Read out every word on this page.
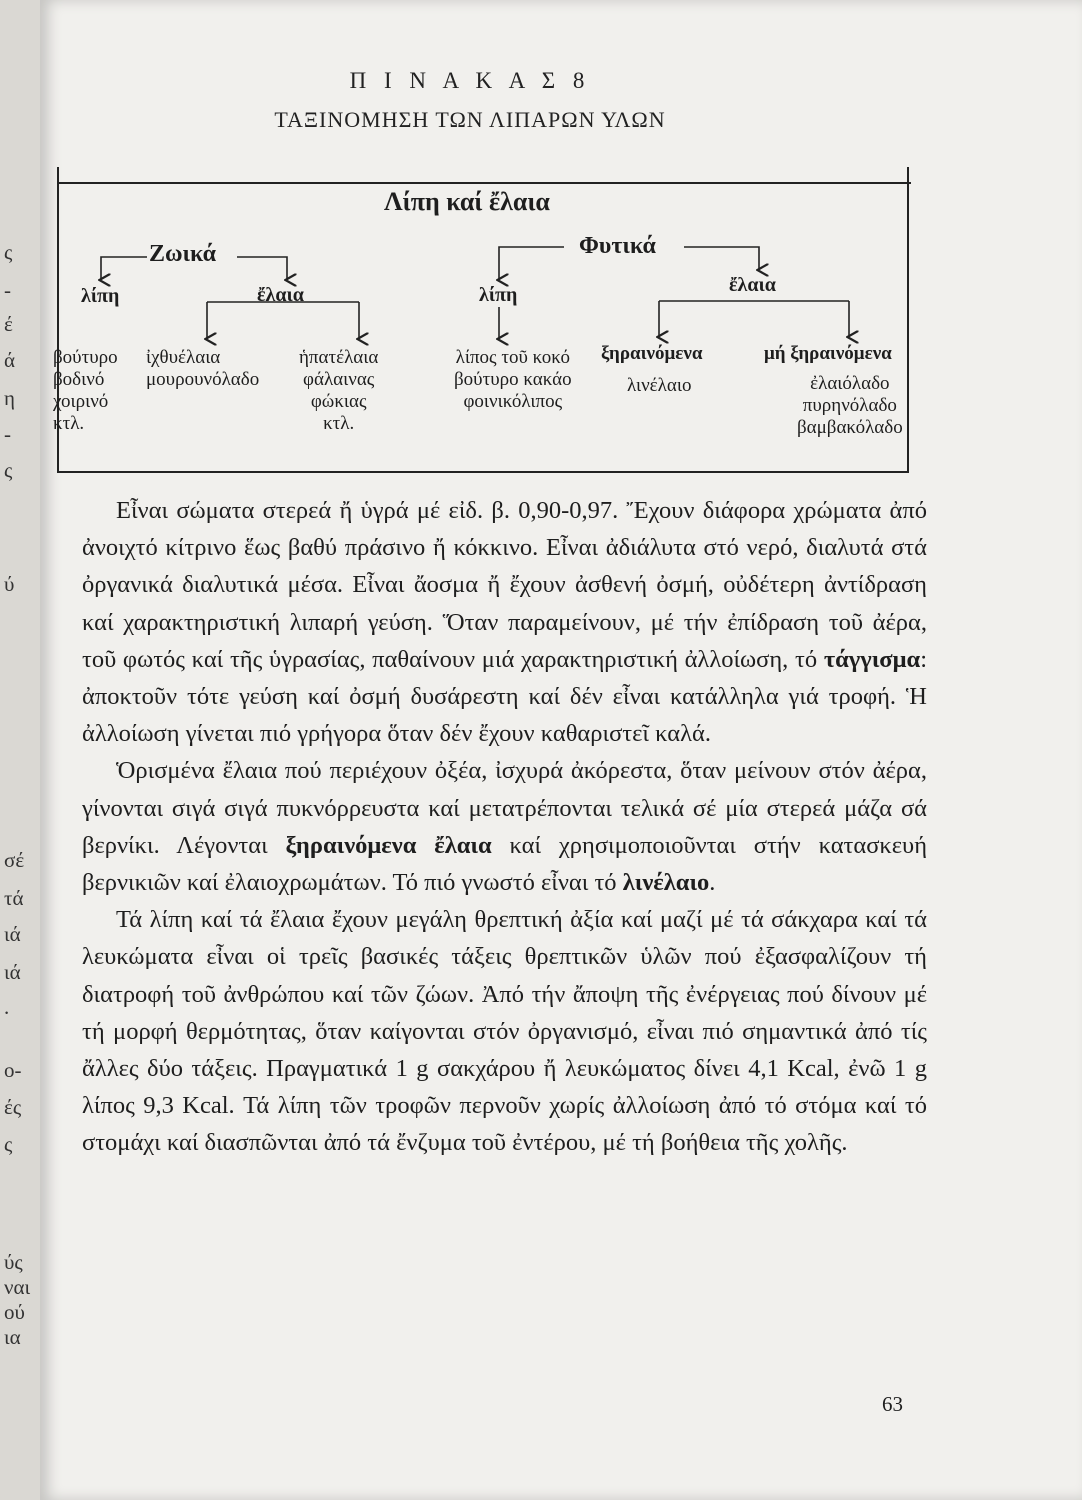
ς
-
έ
ά
η
-
ς
ύ
σέ
τά
ιά
ιά
.
ο-
ές
ς
ύς
ναι
ού
ια
Π Ι Ν Α Κ Α Σ 8
ΤΑΞΙΝΟΜΗΣΗ ΤΩΝ ΛΙΠΑΡΩΝ ΥΛΩΝ
Λίπη καί ἔλαια
Ζωικά
λίπη	ἔλαια
Φυτικά
λίπη	ἔλαια
βούτυρο
βοδινό
χοιρινό
κτλ.
ἰχθυέλαια
μουρουνόλαδο
ἡπατέλαια
φάλαινας
φώκιας
κτλ.
λίπος τοῦ κοκό
βούτυρο κακάο
φοινικόλιπος
ξηραινόμενα
λινέλαιο
μή ξηραινόμενα
ἐλαιόλαδο
πυρηνόλαδο
βαμβακόλαδο

Εἶναι σώματα στερεά ἤ ὑγρά μέ εἰδ. β. 0,90-0,97. Ἔχουν διάφορα χρώματα ἀπό ἀνοιχτό κίτρινο ἕως βαθύ πράσινο ἤ κόκκινο. Εἶναι ἀδιάλυτα στό νερό, διαλυτά στά ὀργανικά διαλυτικά μέσα. Εἶναι ἄοσμα ἤ ἔχουν ἀσθενή ὀσμή, οὐδέτερη ἀντίδραση καί χαρακτηριστική λιπαρή γεύση. Ὅταν παραμείνουν, μέ τήν ἐπίδραση τοῦ ἀέρα, τοῦ φωτός καί τῆς ὑγρασίας, παθαίνουν μιά χαρακτηριστική ἀλλοίωση, τό τάγγισμα: ἀποκτοῦν τότε γεύση καί ὀσμή δυσάρεστη καί δέν εἶναι κατάλληλα γιά τροφή. Ἡ ἀλλοίωση γίνεται πιό γρήγορα ὅταν δέν ἔχουν καθαριστεῖ καλά.

Ὁρισμένα ἔλαια πού περιέχουν ὀξέα, ἰσχυρά ἀκόρεστα, ὅταν μείνουν στόν ἀέρα, γίνονται σιγά σιγά πυκνόρρευστα καί μετατρέπονται τελικά σέ μία στερεά μάζα σά βερνίκι. Λέγονται ξηραινόμενα ἔλαια καί χρησιμοποιοῦνται στήν κατασκευή βερνικιῶν καί ἐλαιοχρωμάτων. Τό πιό γνωστό εἶναι τό λινέλαιο.

Τά λίπη καί τά ἔλαια ἔχουν μεγάλη θρεπτική ἀξία καί μαζί μέ τά σάκχαρα καί τά λευκώματα εἶναι οἱ τρεῖς βασικές τάξεις θρεπτικῶν ὑλῶν πού ἐξασφαλίζουν τή διατροφή τοῦ ἀνθρώπου καί τῶν ζώων. Ἀπό τήν ἄποψη τῆς ἐνέργειας πού δίνουν μέ τή μορφή θερμότητας, ὅταν καίγονται στόν ὀργανισμό, εἶναι πιό σημαντικά ἀπό τίς ἄλλες δύο τάξεις. Πραγματικά 1 g σακχάρου ἤ λευκώματος δίνει 4,1 Kcal, ἐνῶ 1 g λίπος 9,3 Kcal. Τά λίπη τῶν τροφῶν περνοῦν χωρίς ἀλλοίωση ἀπό τό στόμα καί τό στομάχι καί διασπῶνται ἀπό τά ἔνζυμα τοῦ ἐντέρου, μέ τή βοήθεια τῆς χολῆς.

63
